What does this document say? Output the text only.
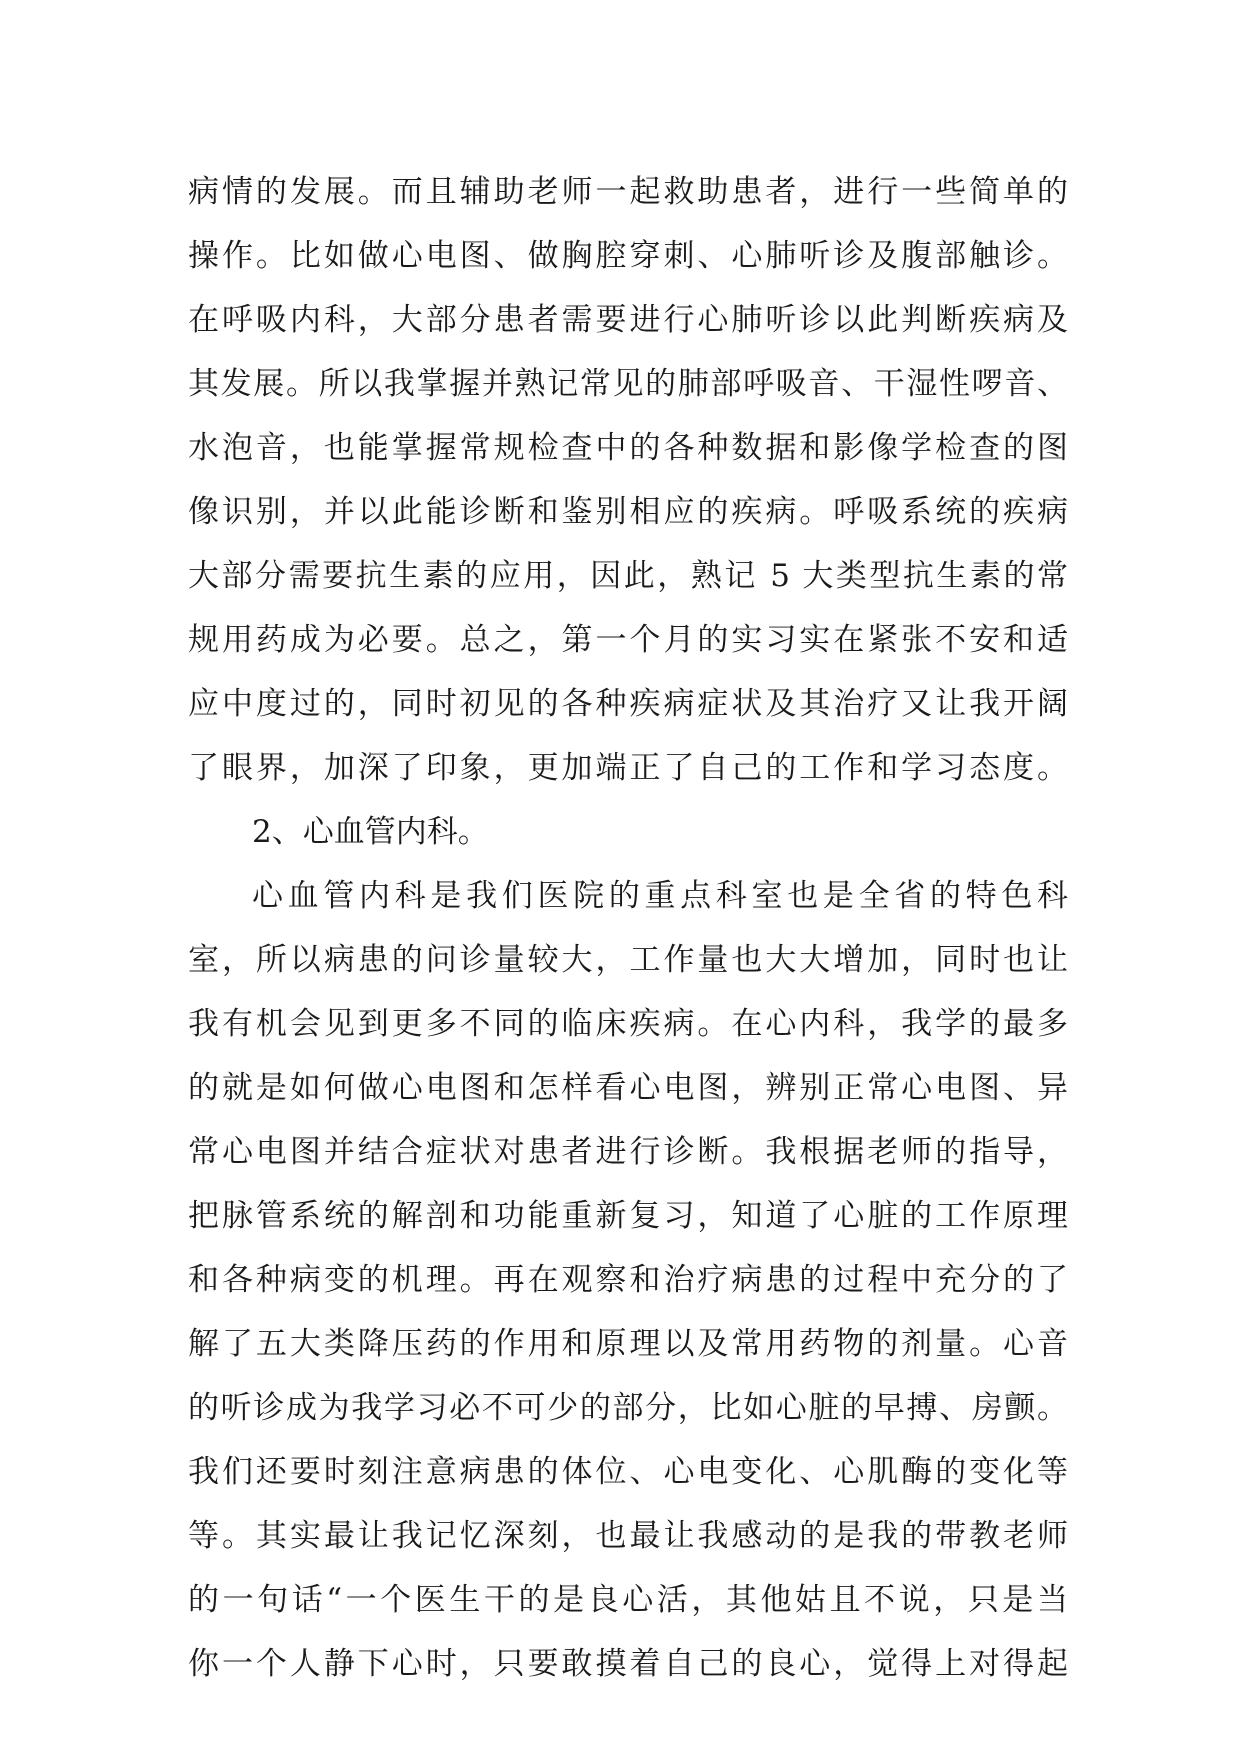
病情的发展。而且辅助老师一起救助患者，进行一些简单的
操作。比如做心电图、做胸腔穿刺、心肺听诊及腹部触诊。
在呼吸内科，大部分患者需要进行心肺听诊以此判断疾病及
其发展。所以我掌握并熟记常见的肺部呼吸音、干湿性啰音、
水泡音，也能掌握常规检查中的各种数据和影像学检查的图
像识别，并以此能诊断和鉴别相应的疾病。呼吸系统的疾病
大部分需要抗生素的应用，因此，熟记 5 大类型抗生素的常
规用药成为必要。总之，第一个月的实习实在紧张不安和适
应中度过的，同时初见的各种疾病症状及其治疗又让我开阔
了眼界，加深了印象，更加端正了自己的工作和学习态度。
2、心血管内科。
心血管内科是我们医院的重点科室也是全省的特色科
室，所以病患的问诊量较大，工作量也大大增加，同时也让
我有机会见到更多不同的临床疾病。在心内科，我学的最多
的就是如何做心电图和怎样看心电图，辨别正常心电图、异
常心电图并结合症状对患者进行诊断。我根据老师的指导，
把脉管系统的解剖和功能重新复习，知道了心脏的工作原理
和各种病变的机理。再在观察和治疗病患的过程中充分的了
解了五大类降压药的作用和原理以及常用药物的剂量。心音
的听诊成为我学习必不可少的部分，比如心脏的早搏、房颤。
我们还要时刻注意病患的体位、心电变化、心肌酶的变化等
等。其实最让我记忆深刻，也最让我感动的是我的带教老师
的一句话“一个医生干的是良心活，其他姑且不说，只是当
你一个人静下心时，只要敢摸着自己的良心，觉得上对得起
